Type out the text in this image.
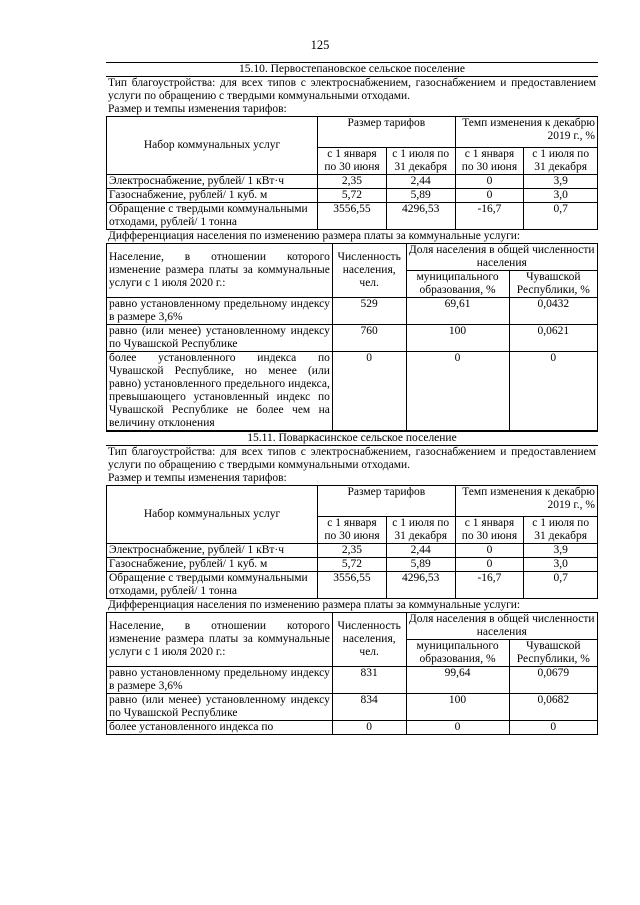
125
15.10. Первостепановское сельское поселение
Тип благоустройства: для всех типов с электроснабжением, газоснабжением и предоставлением услуги по обращению с твердыми коммунальными отходами.
Размер и темпы изменения тарифов:
Набор коммунальных услуг	Размер тарифов		Темп изменения к декабрю 2019 г., %	
	с 1 января по 30 июня	с 1 июля по 31 декабря	с 1 января по 30 июня	с 1 июля по 31 декабря
Электроснабжение, рублей/ 1 кВт·ч	2,35	2,44	0	3,9
Газоснабжение, рублей/ 1 куб. м	5,72	5,89	0	3,0
Обращение с твердыми коммунальными отходами, рублей/ 1 тонна	3556,55	4296,53	-16,7	0,7
Дифференциация населения по изменению размера платы за коммунальные услуги:
Население, в отношении которого изменение размера платы за коммунальные услуги с 1 июля 2020 г.:	Численность населения, чел.	Доля населения в общей численности населения	
		муниципального образования, %	Чувашской Республики, %
равно установленному предельному индексу в размере 3,6%	529	69,61	0,0432
равно (или менее) установленному индексу по Чувашской Республике	760	100	0,0621
более установленного индекса по Чувашской Республике, но менее (или равно) установленного предельного индекса, превышающего установленный индекс по Чувашской Республике не более чем на величину отклонения	0	0	0
15.11. Поваркасинское сельское поселение
Тип благоустройства: для всех типов с электроснабжением, газоснабжением и предоставлением услуги по обращению с твердыми коммунальными отходами.
Размер и темпы изменения тарифов:
Набор коммунальных услуг	Размер тарифов		Темп изменения к декабрю 2019 г., %	
	с 1 января по 30 июня	с 1 июля по 31 декабря	с 1 января по 30 июня	с 1 июля по 31 декабря
Электроснабжение, рублей/ 1 кВт·ч	2,35	2,44	0	3,9
Газоснабжение, рублей/ 1 куб. м	5,72	5,89	0	3,0
Обращение с твердыми коммунальными отходами, рублей/ 1 тонна	3556,55	4296,53	-16,7	0,7
Дифференциация населения по изменению размера платы за коммунальные услуги:
Население, в отношении которого изменение размера платы за коммунальные услуги с 1 июля 2020 г.:	Численность населения, чел.	Доля населения в общей численности населения	
		муниципального образования, %	Чувашской Республики, %
равно установленному предельному индексу в размере 3,6%	831	99,64	0,0679
равно (или менее) установленному индексу по Чувашской Республике	834	100	0,0682
более установленного индекса по	0	0	0
